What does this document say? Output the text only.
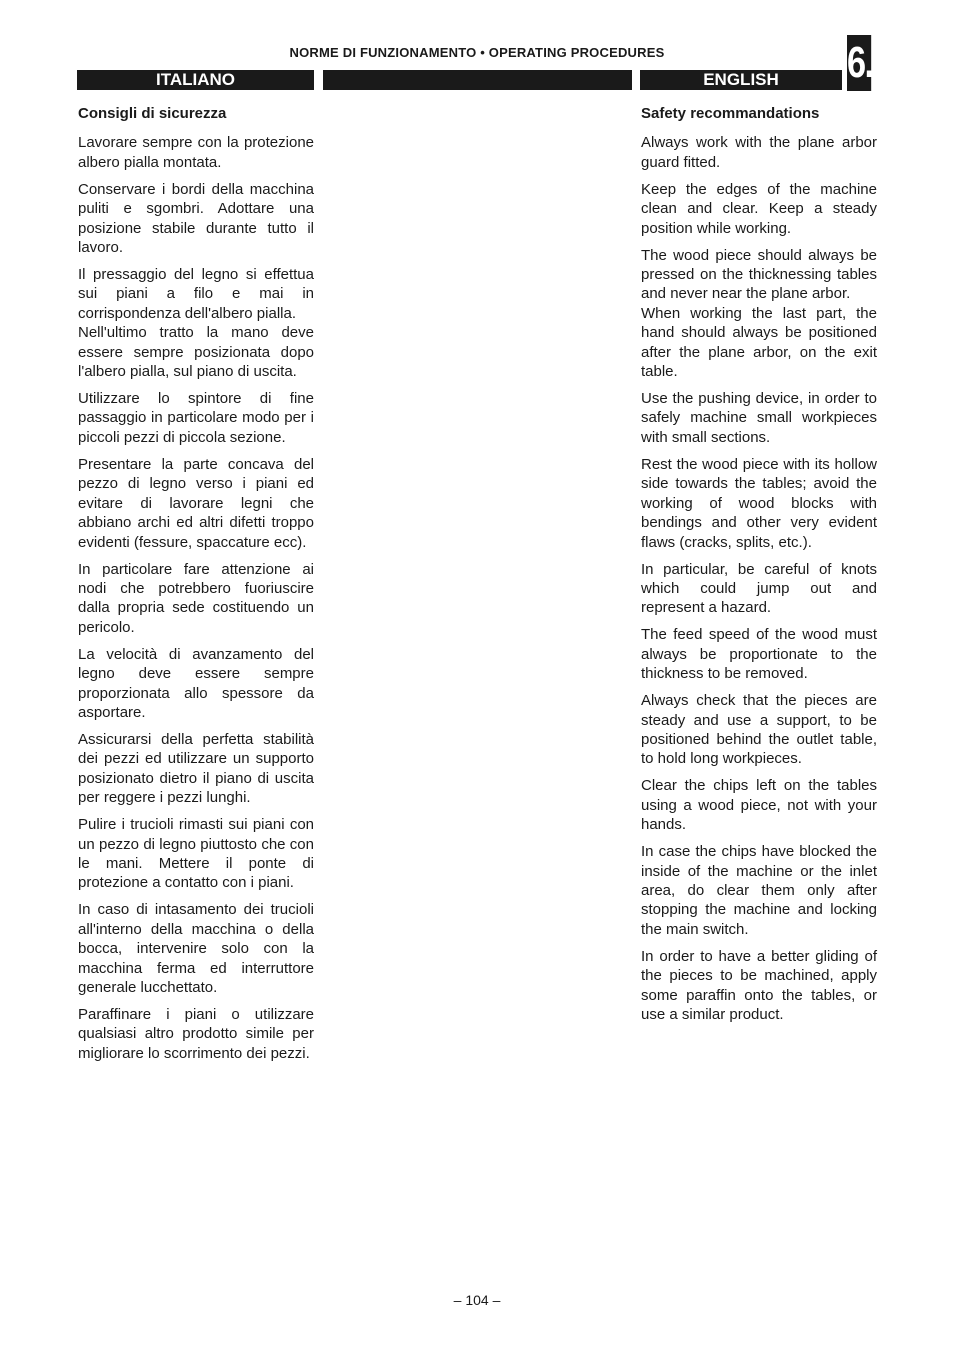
NORME DI FUNZIONAMENTO • OPERATING PROCEDURES	6.
ITALIANO	ENGLISH

Consigli di sicurezza

Lavorare sempre con la protezione albero pialla montata.

Conservare i bordi della macchina puliti e sgombri. Adottare una posizione stabile durante tutto il lavoro.

Il pressaggio del legno si effettua sui piani a filo e mai in corrispondenza dell'albero pialla.
Nell'ultimo tratto la mano deve essere sempre posizionata dopo l'albero pialla, sul piano di uscita.

Utilizzare lo spintore di fine passaggio in particolare modo per i piccoli pezzi di piccola sezione.

Presentare la parte concava del pezzo di legno verso i piani ed evitare di lavorare legni che abbiano archi ed altri difetti troppo evidenti (fessure, spaccature ecc).

In particolare fare attenzione ai nodi che potrebbero fuoriuscire dalla propria sede costituendo un pericolo.

La velocità di avanzamento del legno deve essere sempre proporzionata allo spessore da asportare.

Assicurarsi della perfetta stabilità dei pezzi ed utilizzare un supporto posizionato dietro il piano di uscita per reggere i pezzi lunghi.

Pulire i trucioli rimasti sui piani con un pezzo di legno piuttosto che con le mani. Mettere il ponte di protezione a contatto con i piani.

In caso di intasamento dei trucioli all'interno della macchina o della bocca, intervenire solo con la macchina ferma ed interruttore generale lucchettato.

Paraffinare i piani o utilizzare qualsiasi altro prodotto simile per migliorare lo scorrimento dei pezzi.

Safety recommandations

Always work with the plane arbor guard fitted.

Keep the edges of the machine clean and clear. Keep a steady position while working.

The wood piece should always be pressed on the thicknessing tables and never near the plane arbor.
When working the last part, the hand should always be positioned after the plane arbor, on the exit table.

Use the pushing device, in order to safely machine small workpieces with small sections.

Rest the wood piece with its hollow side towards the tables; avoid the working of wood blocks with bendings and other very evident flaws (cracks, splits, etc.).

In particular, be careful of knots which could jump out and represent a hazard.

The feed speed of the wood must always be proportionate to the thickness to be removed.

Always check that the pieces are steady and use a support, to be positioned behind the outlet table, to hold long workpieces.

Clear the chips left on the tables using a wood piece, not with your hands.

In case the chips have blocked the inside of the machine or the inlet area, do clear them only after stopping the machine and locking the main switch.

In order to have a better gliding of the pieces to be machined, apply some paraffin onto the tables, or use a similar product.

– 104 –
